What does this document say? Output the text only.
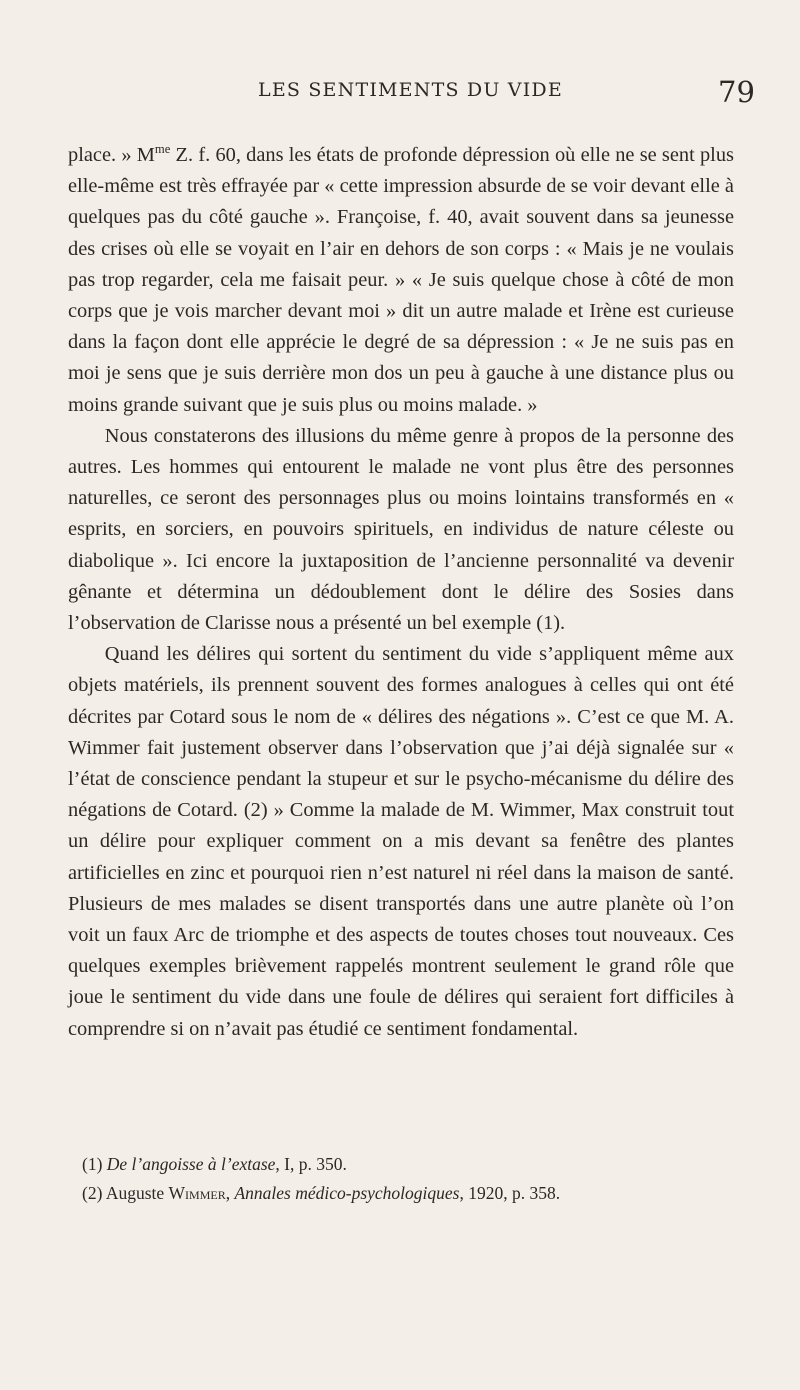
LES SENTIMENTS DU VIDE	79

place. » $M^{me}$ Z. f. 60, dans les états de profonde dépression où elle ne se sent plus elle-même est très effrayée par « cette impression absurde de se voir devant elle à quelques pas du côté gauche ». Françoise, f. 40, avait souvent dans sa jeunesse des crises où elle se voyait en l’air en dehors de son corps : « Mais je ne voulais pas trop regarder, cela me faisait peur. » « Je suis quelque chose à côté de mon corps que je vois marcher devant moi » dit un autre malade et Irène est curieuse dans la façon dont elle apprécie le degré de sa dépression : « Je ne suis pas en moi je sens que je suis derrière mon dos un peu à gauche à une distance plus ou moins grande suivant que je suis plus ou moins malade. »

Nous constaterons des illusions du même genre à propos de la personne des autres. Les hommes qui entourent le malade ne vont plus être des personnes naturelles, ce seront des personnages plus ou moins lointains transformés en « esprits, en sorciers, en pouvoirs spirituels, en individus de nature céleste ou diabolique ». Ici encore la juxtaposition de l’ancienne personnalité va devenir gênante et détermina un dédoublement dont le délire des Sosies dans l’observation de Clarisse nous a présenté un bel exemple (1).

Quand les délires qui sortent du sentiment du vide s’appliquent même aux objets matériels, ils prennent souvent des formes analogues à celles qui ont été décrites par Cotard sous le nom de « délires des négations ». C’est ce que M. A. Wimmer fait justement observer dans l’observation que j’ai déjà signalée sur « l’état de conscience pendant la stupeur et sur le psycho-mécanisme du délire des négations de Cotard. (2) » Comme la malade de M. Wimmer, Max construit tout un délire pour expliquer comment on a mis devant sa fenêtre des plantes artificielles en zinc et pourquoi rien n’est naturel ni réel dans la maison de santé. Plusieurs de mes malades se disent transportés dans une autre planète où l’on voit un faux Arc de triomphe et des aspects de toutes choses tout nouveaux. Ces quelques exemples brièvement rappelés montrent seulement le grand rôle que joue le sentiment du vide dans une foule de délires qui seraient fort difficiles à comprendre si on n’avait pas étudié ce sentiment fondamental.

(1) De l’angoisse à l’extase, I, p. 350.
(2) Auguste Wimmer, Annales médico-psychologiques, 1920, p. 358.
